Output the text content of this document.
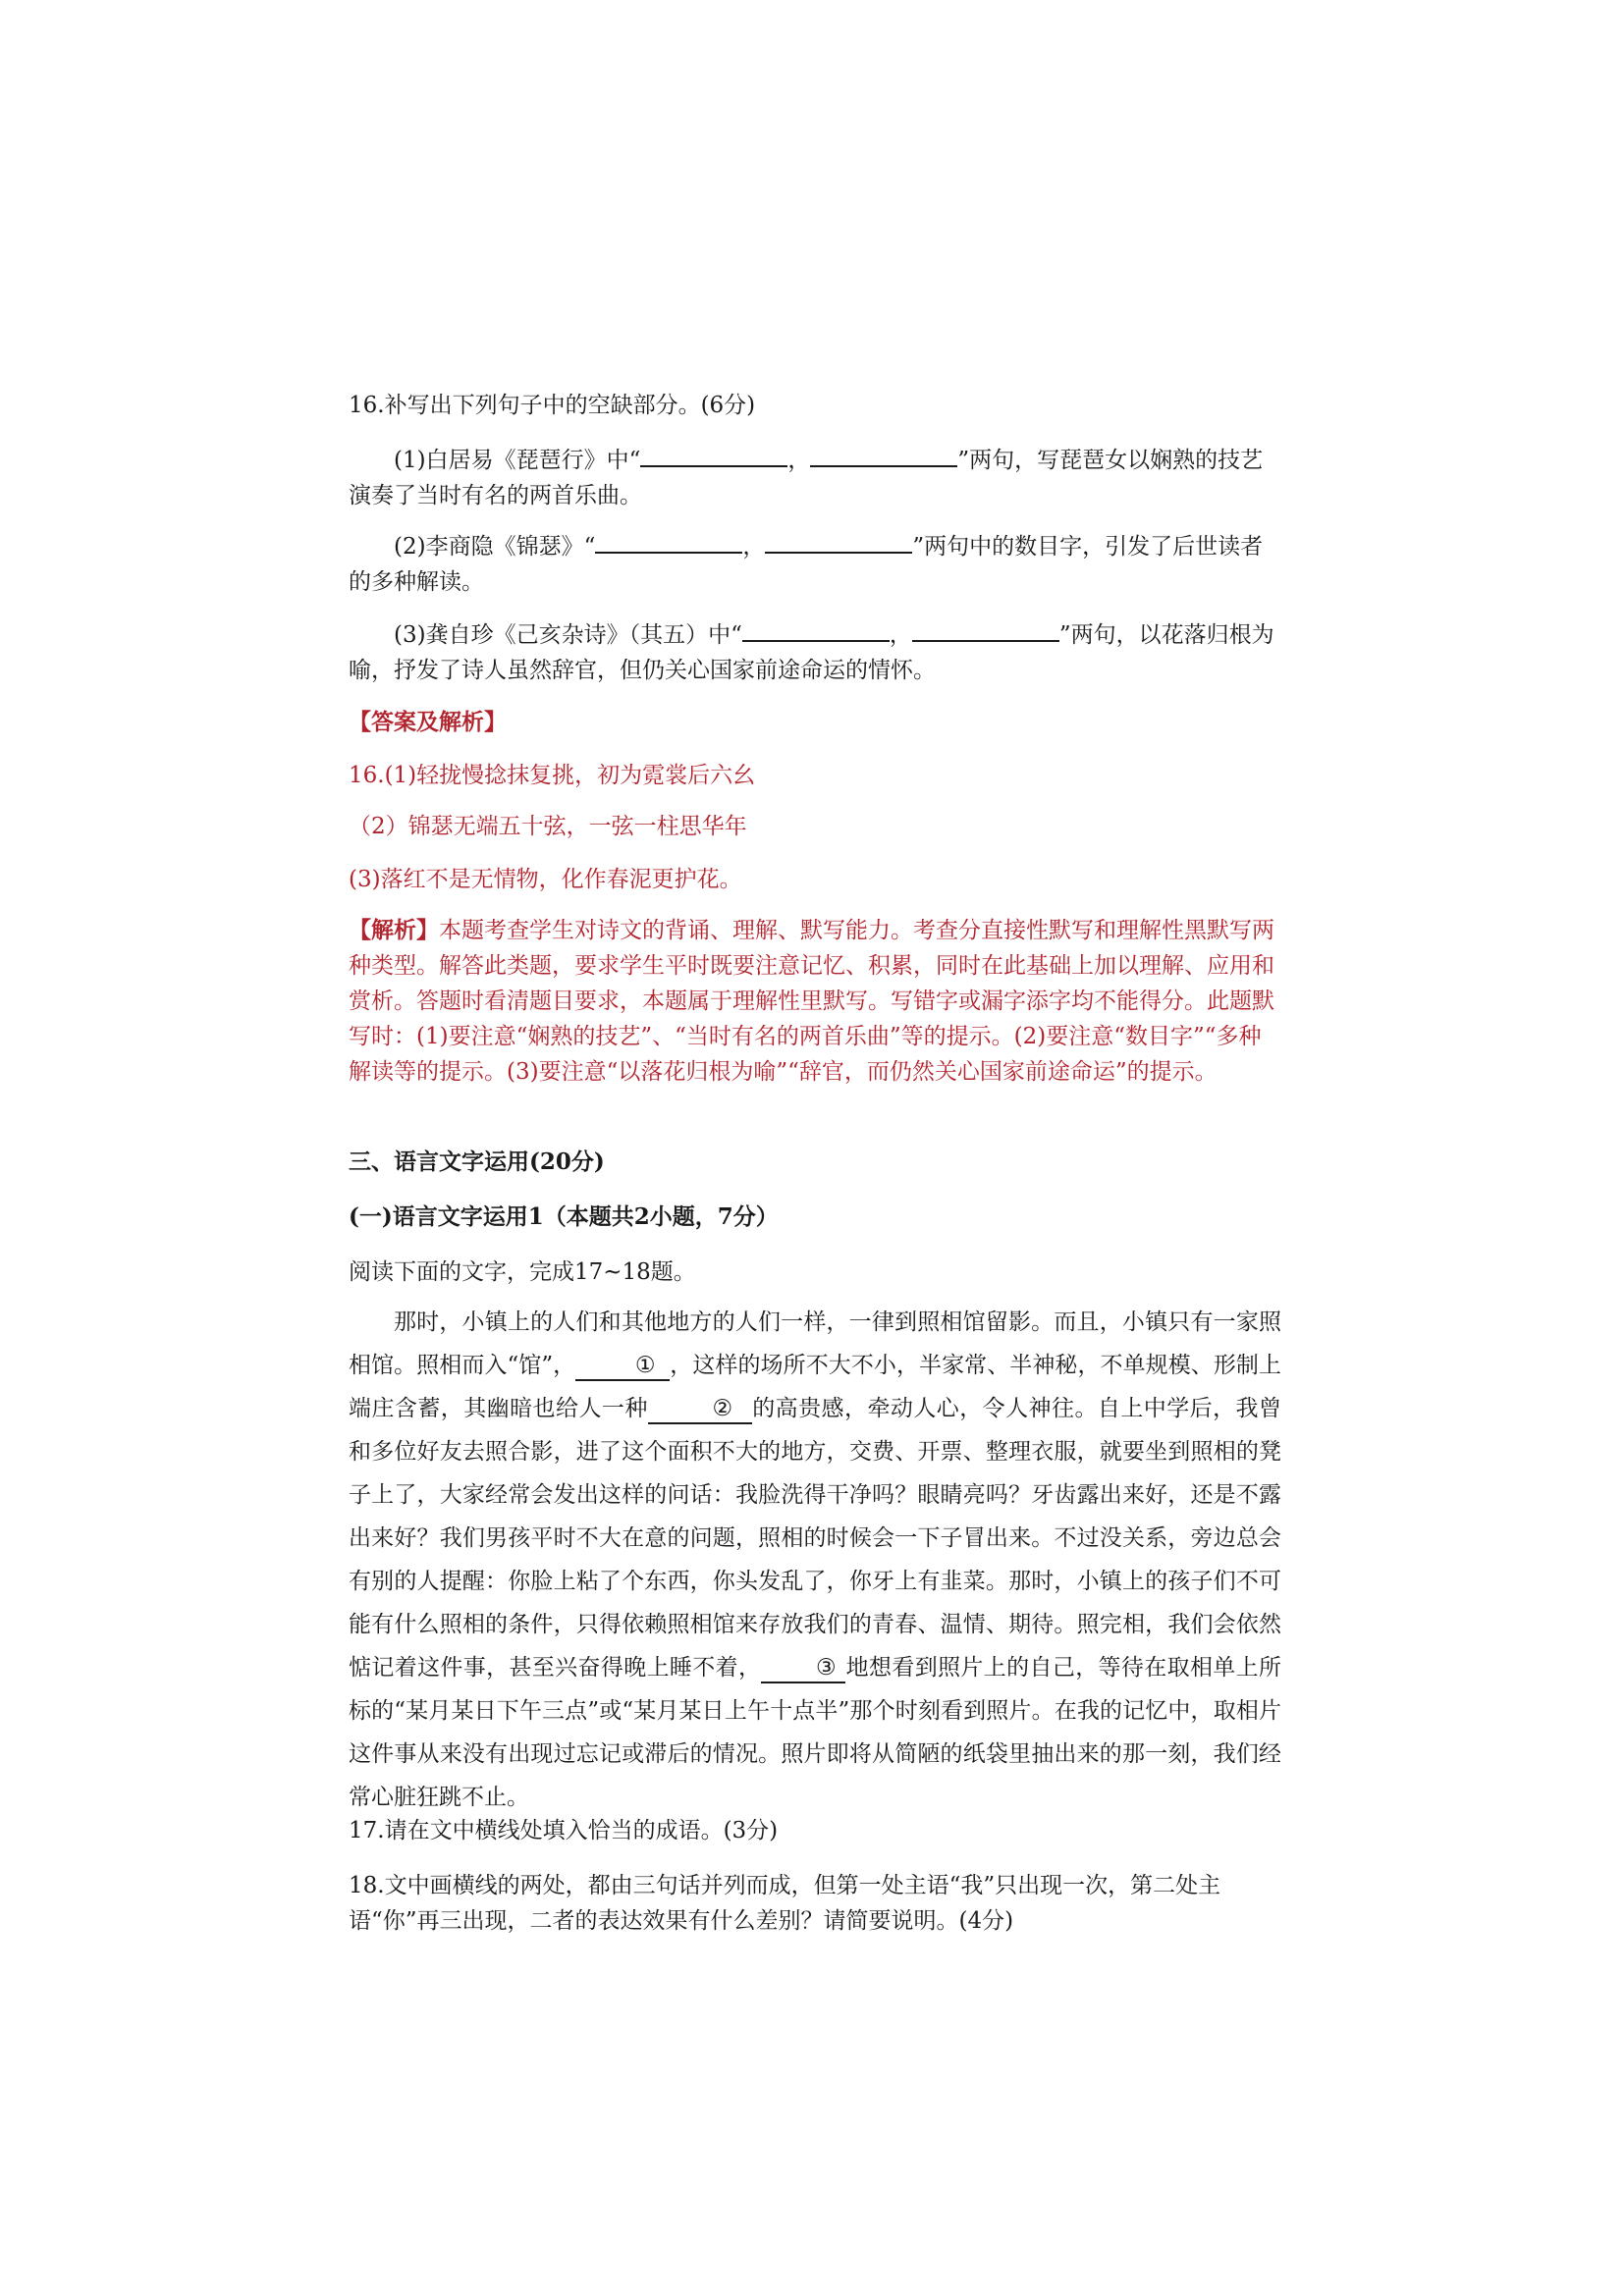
16.补写出下列句子中的空缺部分。(6分)
(1)白居易《琵琶行》中“	，	”两句，写琵琶女以娴熟的技艺演奏了当时有名的两首乐曲。
(2)李商隐《锦瑟》“	，	”两句中的数目字，引发了后世读者的多种解读。
(3)龚自珍《己亥杂诗》（其五）中“	，	”两句，以花落归根为喻，抒发了诗人虽然辞官，但仍关心国家前途命运的情怀。
【答案及解析】
16.(1)轻拢慢捻抹复挑，初为霓裳后六幺
（2）锦瑟无端五十弦，一弦一柱思华年
(3)落红不是无情物，化作春泥更护花。
【解析】本题考查学生对诗文的背诵、理解、默写能力。考查分直接性默写和理解性黑默写两种类型。解答此类题，要求学生平时既要注意记忆、积累，同时在此基础上加以理解、应用和赏析。答题时看清题目要求，本题属于理解性里默写。写错字或漏字添字均不能得分。此题默写时：(1)要注意“娴熟的技艺”、“当时有名的两首乐曲”等的提示。(2)要注意“数目字”“多种解读等的提示。(3)要注意“以落花归根为喻”“辞官，而仍然关心国家前途命运”的提示。
三、语言文字运用(20分)
(一)语言文字运用1（本题共2小题，7分）
阅读下面的文字，完成17~18题。
那时，小镇上的人们和其他地方的人们一样，一律到照相馆留影。而且，小镇只有一家照相馆。照相而入“馆”，	① ，这样的场所不大不小，半家常、半神秘，不单规模、形制上端庄含蓄，其幽暗也给人一种	② 的高贵感，牵动人心，令人神往。自上中学后，我曾和多位好友去照合影，进了这个面积不大的地方，交费、开票、整理衣服，就要坐到照相的凳子上了，大家经常会发出这样的问话：我脸洗得干净吗？眼睛亮吗？牙齿露出来好，还是不露出来好？我们男孩平时不大在意的问题，照相的时候会一下子冒出来。不过没关系，旁边总会有别的人提醒：你脸上粘了个东西，你头发乱了，你牙上有韭菜。那时，小镇上的孩子们不可能有什么照相的条件，只得依赖照相馆来存放我们的青春、温情、期待。照完相，我们会依然惦记着这件事，甚至兴奋得晚上睡不着， ③ 地想看到照片上的自己，等待在取相单上所标的“某月某日下午三点”或“某月某日上午十点半”那个时刻看到照片。在我的记忆中，取相片这件事从来没有出现过忘记或滞后的情况。照片即将从简陋的纸袋里抽出来的那一刻，我们经常心脏狂跳不止。
17.请在文中横线处填入恰当的成语。(3分)
18.文中画横线的两处，都由三句话并列而成，但第一处主语“我”只出现一次，第二处主语“你”再三出现，二者的表达效果有什么差别？请简要说明。(4分)
